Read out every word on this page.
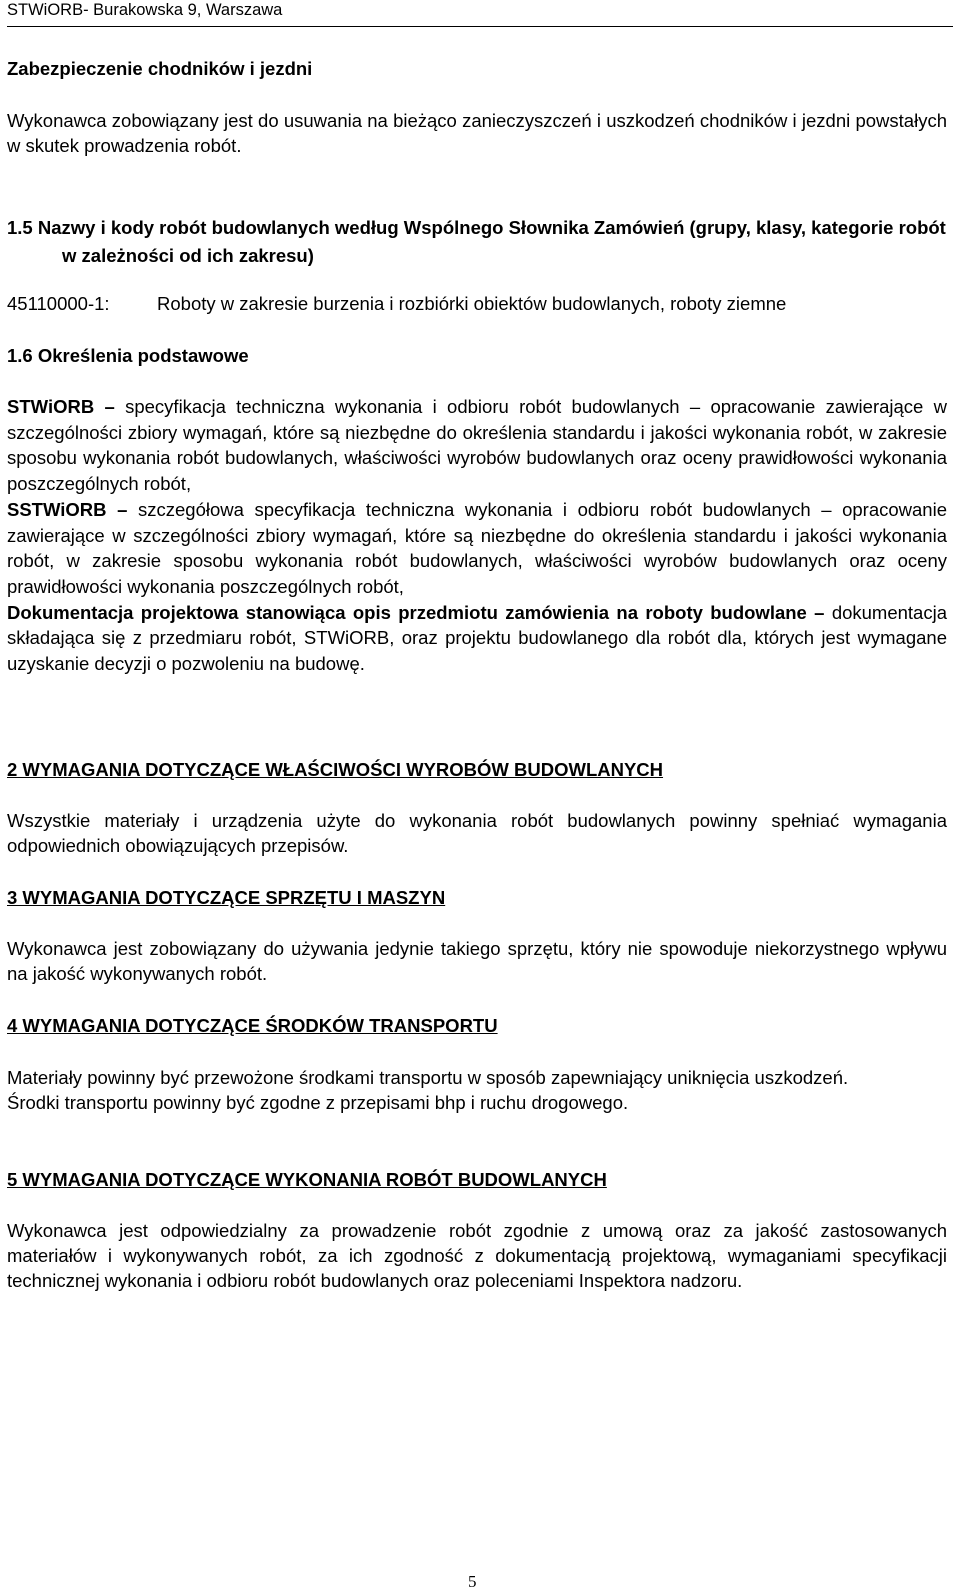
STWiORB- Burakowska 9, Warszawa
Zabezpieczenie chodników i jezdni
Wykonawca zobowiązany jest do usuwania na bieżąco zanieczyszczeń i uszkodzeń chodników i jezdni powstałych w skutek prowadzenia robót.
1.5 Nazwy i kody robót budowlanych według Wspólnego Słownika Zamówień (grupy, klasy, kategorie robót w zależności od ich zakresu)
45110000-1:	Roboty w zakresie burzenia i rozbiórki obiektów budowlanych, roboty ziemne
1.6 Określenia podstawowe

STWiORB – specyfikacja techniczna wykonania i odbioru robót budowlanych – opracowanie zawierające w szczególności zbiory wymagań, które są niezbędne do określenia standardu i jakości wykonania robót, w zakresie sposobu wykonania robót budowlanych, właściwości wyrobów budowlanych oraz oceny prawidłowości wykonania poszczególnych robót,

SSTWiORB – szczegółowa specyfikacja techniczna wykonania i odbioru robót budowlanych – opracowanie zawierające w szczególności zbiory wymagań, które są niezbędne do określenia standardu i jakości wykonania robót, w zakresie sposobu wykonania robót budowlanych, właściwości wyrobów budowlanych oraz oceny prawidłowości wykonania poszczególnych robót,

Dokumentacja projektowa stanowiąca opis przedmiotu zamówienia na roboty budowlane – dokumentacja składająca się z przedmiaru robót, STWiORB, oraz projektu budowlanego dla robót dla, których jest wymagane uzyskanie decyzji o pozwoleniu na budowę.

2 WYMAGANIA DOTYCZĄCE WŁAŚCIWOŚCI WYROBÓW BUDOWLANYCH
Wszystkie materiały i urządzenia użyte do wykonania robót budowlanych powinny spełniać wymagania odpowiednich obowiązujących przepisów.
3 WYMAGANIA DOTYCZĄCE SPRZĘTU I MASZYN
Wykonawca jest zobowiązany do używania jedynie takiego sprzętu, który nie spowoduje niekorzystnego wpływu na jakość wykonywanych robót.
4 WYMAGANIA DOTYCZĄCE ŚRODKÓW TRANSPORTU

Materiały powinny być przewożone środkami transportu w sposób zapewniający uniknięcia uszkodzeń.

Środki transportu powinny być zgodne z przepisami bhp i ruchu drogowego.

5 WYMAGANIA DOTYCZĄCE WYKONANIA ROBÓT BUDOWLANYCH
Wykonawca jest odpowiedzialny za prowadzenie robót zgodnie z umową oraz za jakość zastosowanych materiałów i wykonywanych robót, za ich zgodność z dokumentacją projektową, wymaganiami specyfikacji technicznej wykonania i odbioru robót budowlanych oraz poleceniami Inspektora nadzoru.
5
